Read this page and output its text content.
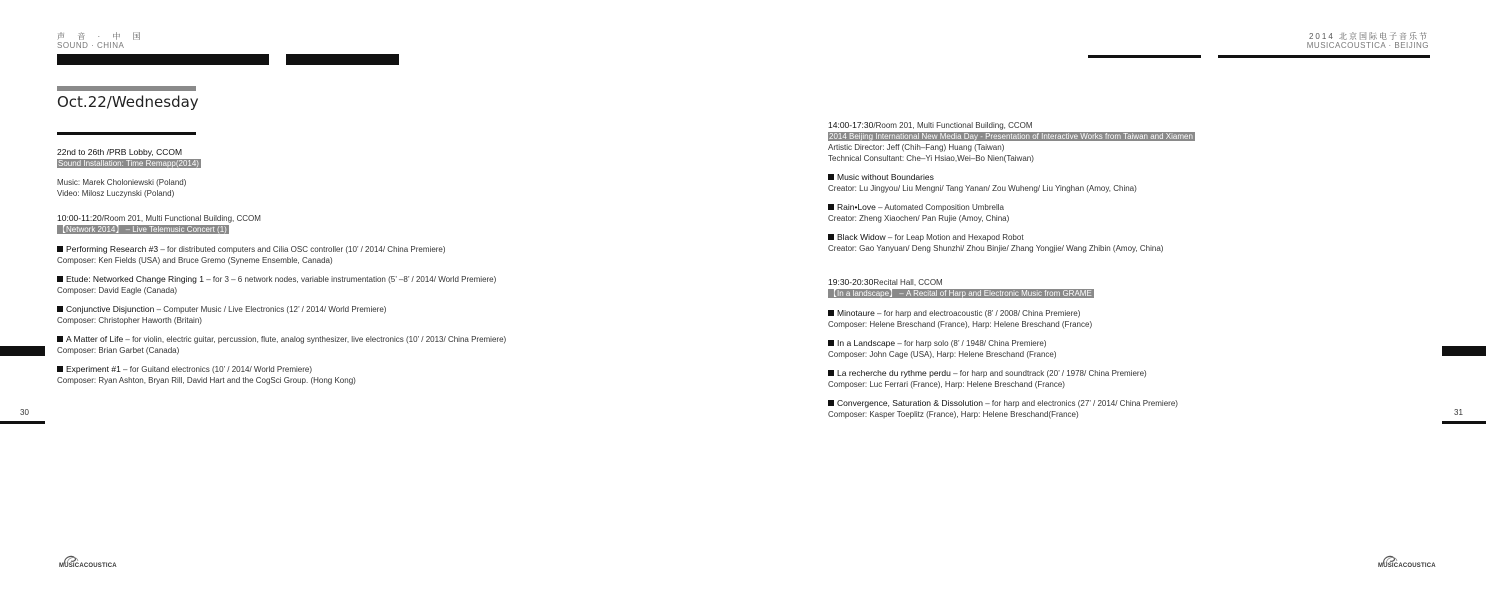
声 音 · 中 国
SOUND · CHINA
2014 北京国际电子音乐节
MUSICACOUSTICA · BEIJING
Oct.22/Wednesday
22nd to 26th /PRB Lobby, CCOM
Sound Installation: Time Remapp(2014)
Music: Marek Choloniewski (Poland)
Video: Milosz Luczynski (Poland)
10:00-11:20/Room 201, Multi Functional Building, CCOM
【Network 2014】 – Live Telemusic Concert (1)
Performing Research #3 – for distributed computers and Cilia OSC controller (10’ / 2014/ China Premiere)
Composer: Ken Fields (USA) and Bruce Gremo (Syneme Ensemble, Canada)
Etude: Networked Change Ringing 1 – for 3 – 6 network nodes, variable instrumentation (5’ –8’ / 2014/ World Premiere)
Composer: David Eagle (Canada)
Conjunctive Disjunction – Computer Music / Live Electronics (12’ / 2014/ World Premiere)
Composer: Christopher Haworth (Britain)
A Matter of Life – for violin, electric guitar, percussion, flute, analog synthesizer, live electronics (10’ / 2013/ China Premiere)
Composer: Brian Garbet (Canada)
Experiment #1 – for Guitand electronics (10’ / 2014/ World Premiere)
Composer: Ryan Ashton, Bryan Rill, David Hart and the CogSci Group. (Hong Kong)
14:00-17:30/Room 201, Multi Functional Building, CCOM
2014 Beijing International New Media Day - Presentation of Interactive Works from Taiwan and Xiamen
Artistic Director: Jeff (Chih–Fang) Huang (Taiwan)
Technical Consultant: Che–Yi Hsiao,Wei–Bo Nien(Taiwan)
Music without Boundaries
Creator: Lu Jingyou/ Liu Mengni/ Tang Yanan/ Zou Wuheng/ Liu Yinghan (Amoy, China)
Rain•Love – Automated Composition Umbrella
Creator: Zheng Xiaochen/ Pan Rujie (Amoy, China)
Black Widow – for Leap Motion and Hexapod Robot
Creator: Gao Yanyuan/ Deng Shunzhi/ Zhou Binjie/ Zhang Yongjie/ Wang Zhibin (Amoy, China)
19:30-20:30Recital Hall, CCOM
【In a landscape】 – A Recital of Harp and Electronic Music from GRAME
Minotaure – for harp and electroacoustic (8’ / 2008/ China Premiere)
Composer: Helene Breschand (France), Harp: Helene Breschand (France)
In a Landscape – for harp solo (8’ / 1948/ China Premiere)
Composer: John Cage (USA), Harp: Helene Breschand (France)
La recherche du rythme perdu – for harp and soundtrack (20’ / 1978/ China Premiere)
Composer: Luc Ferrari (France), Harp: Helene Breschand (France)
Convergence, Saturation & Dissolution – for harp and electronics (27’ / 2014/ China Premiere)
Composer: Kasper Toeplitz (France), Harp: Helene Breschand(France)
30	31
MUSICACOUSTICA	MUSICACOUSTICA
